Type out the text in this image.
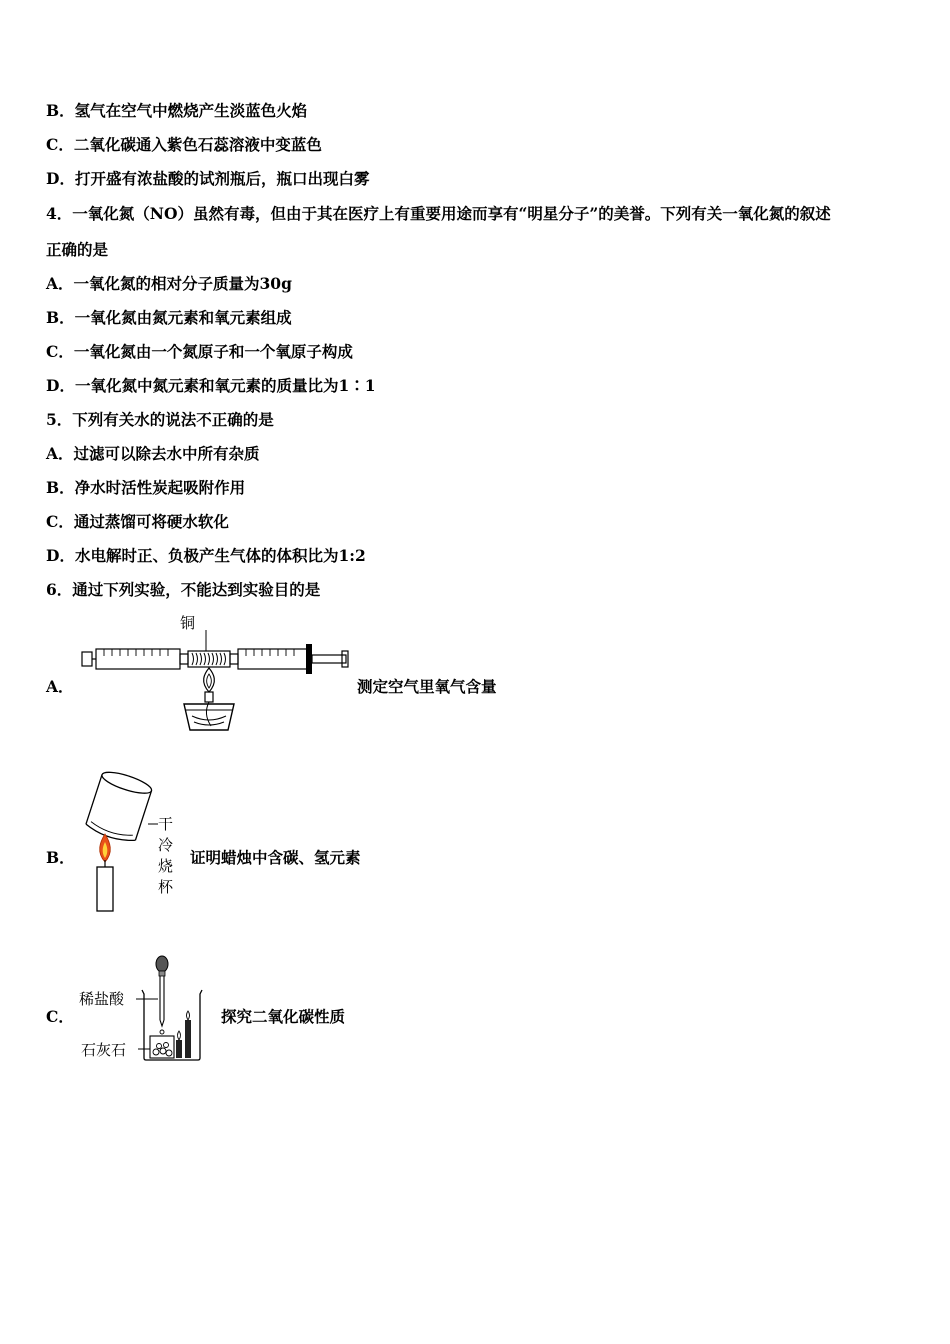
B．氢气在空气中燃烧产生淡蓝色火焰
C．二氧化碳通入紫色石蕊溶液中变蓝色
D．打开盛有浓盐酸的试剂瓶后，瓶口出现白雾
4．一氧化氮（NO）虽然有毒，但由于其在医疗上有重要用途而享有“明星分子”的美誉。下列有关一氧化氮的叙述
正确的是
A．一氧化氮的相对分子质量为30g
B．一氧化氮由氮元素和氧元素组成
C．一氧化氮由一个氮原子和一个氧原子构成
D．一氧化氮中氮元素和氧元素的质量比为1∶1
5．下列有关水的说法不正确的是
A．过滤可以除去水中所有杂质
B．净水时活性炭起吸附作用
C．通过蒸馏可将硬水软化
D．水电解时正、负极产生气体的体积比为1:2
6．通过下列实验，不能达到实验目的是
A．
铜
测定空气里氧气含量
B．
干冷烧杯
证明蜡烛中含碳、氢元素
C．
稀盐酸
石灰石
探究二氧化碳性质
